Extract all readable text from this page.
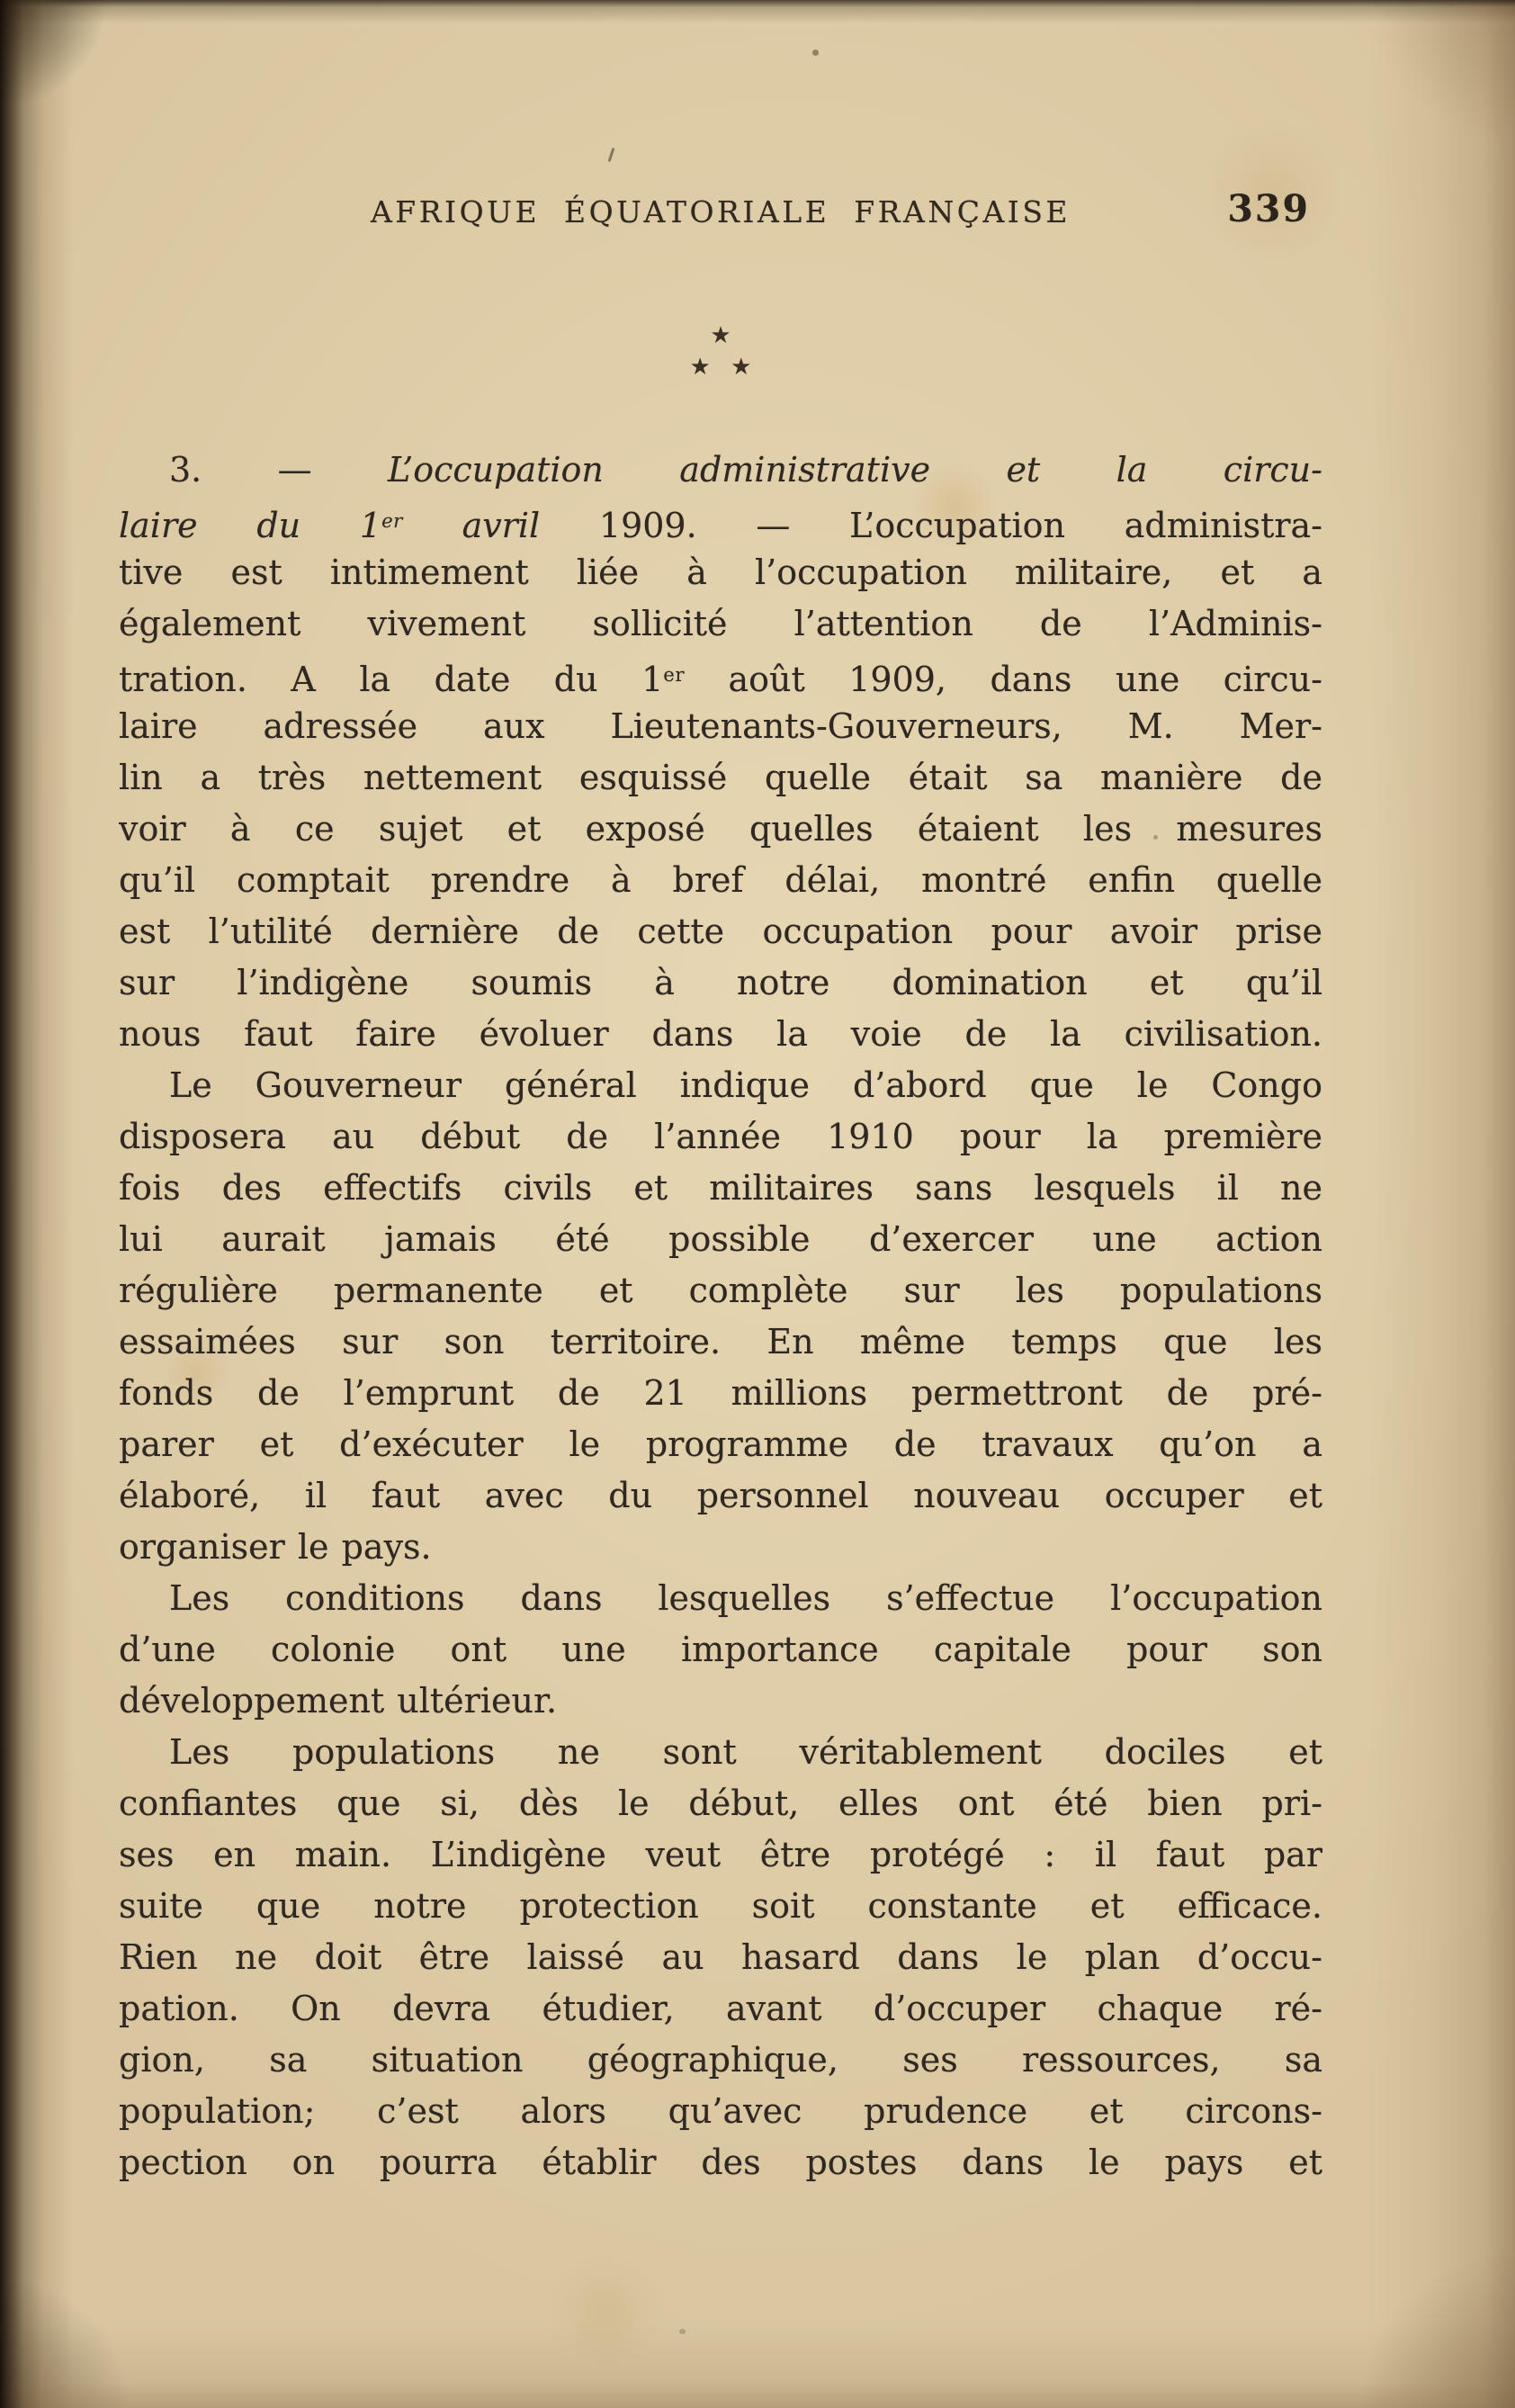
AFRIQUE ÉQUATORIALE FRANÇAISE	339
★
★ ★
3. — L’occupation administrative et la circu-
laire du 1er avril 1909. — L’occupation administra-
tive est intimement liée à l’occupation militaire, et a
également vivement sollicité l’attention de l’Adminis-
tration. A la date du 1er août 1909, dans une circu-
laire adressée aux Lieutenants-Gouverneurs, M. Mer-
lin a très nettement esquissé quelle était sa manière de
voir à ce sujet et exposé quelles étaient les mesures
qu’il comptait prendre à bref délai, montré enfin quelle
est l’utilité dernière de cette occupation pour avoir prise
sur l’indigène soumis à notre domination et qu’il
nous faut faire évoluer dans la voie de la civilisation.
Le Gouverneur général indique d’abord que le Congo
disposera au début de l’année 1910 pour la première
fois des effectifs civils et militaires sans lesquels il ne
lui aurait jamais été possible d’exercer une action
régulière permanente et complète sur les populations
essaimées sur son territoire. En même temps que les
fonds de l’emprunt de 21 millions permettront de pré-
parer et d’exécuter le programme de travaux qu’on a
élaboré, il faut avec du personnel nouveau occuper et
organiser le pays.
Les conditions dans lesquelles s’effectue l’occupation
d’une colonie ont une importance capitale pour son
développement ultérieur.
Les populations ne sont véritablement dociles et
confiantes que si, dès le début, elles ont été bien pri-
ses en main. L’indigène veut être protégé : il faut par
suite que notre protection soit constante et efficace.
Rien ne doit être laissé au hasard dans le plan d’occu-
pation. On devra étudier, avant d’occuper chaque ré-
gion, sa situation géographique, ses ressources, sa
population; c’est alors qu’avec prudence et circons-
pection on pourra établir des postes dans le pays et
